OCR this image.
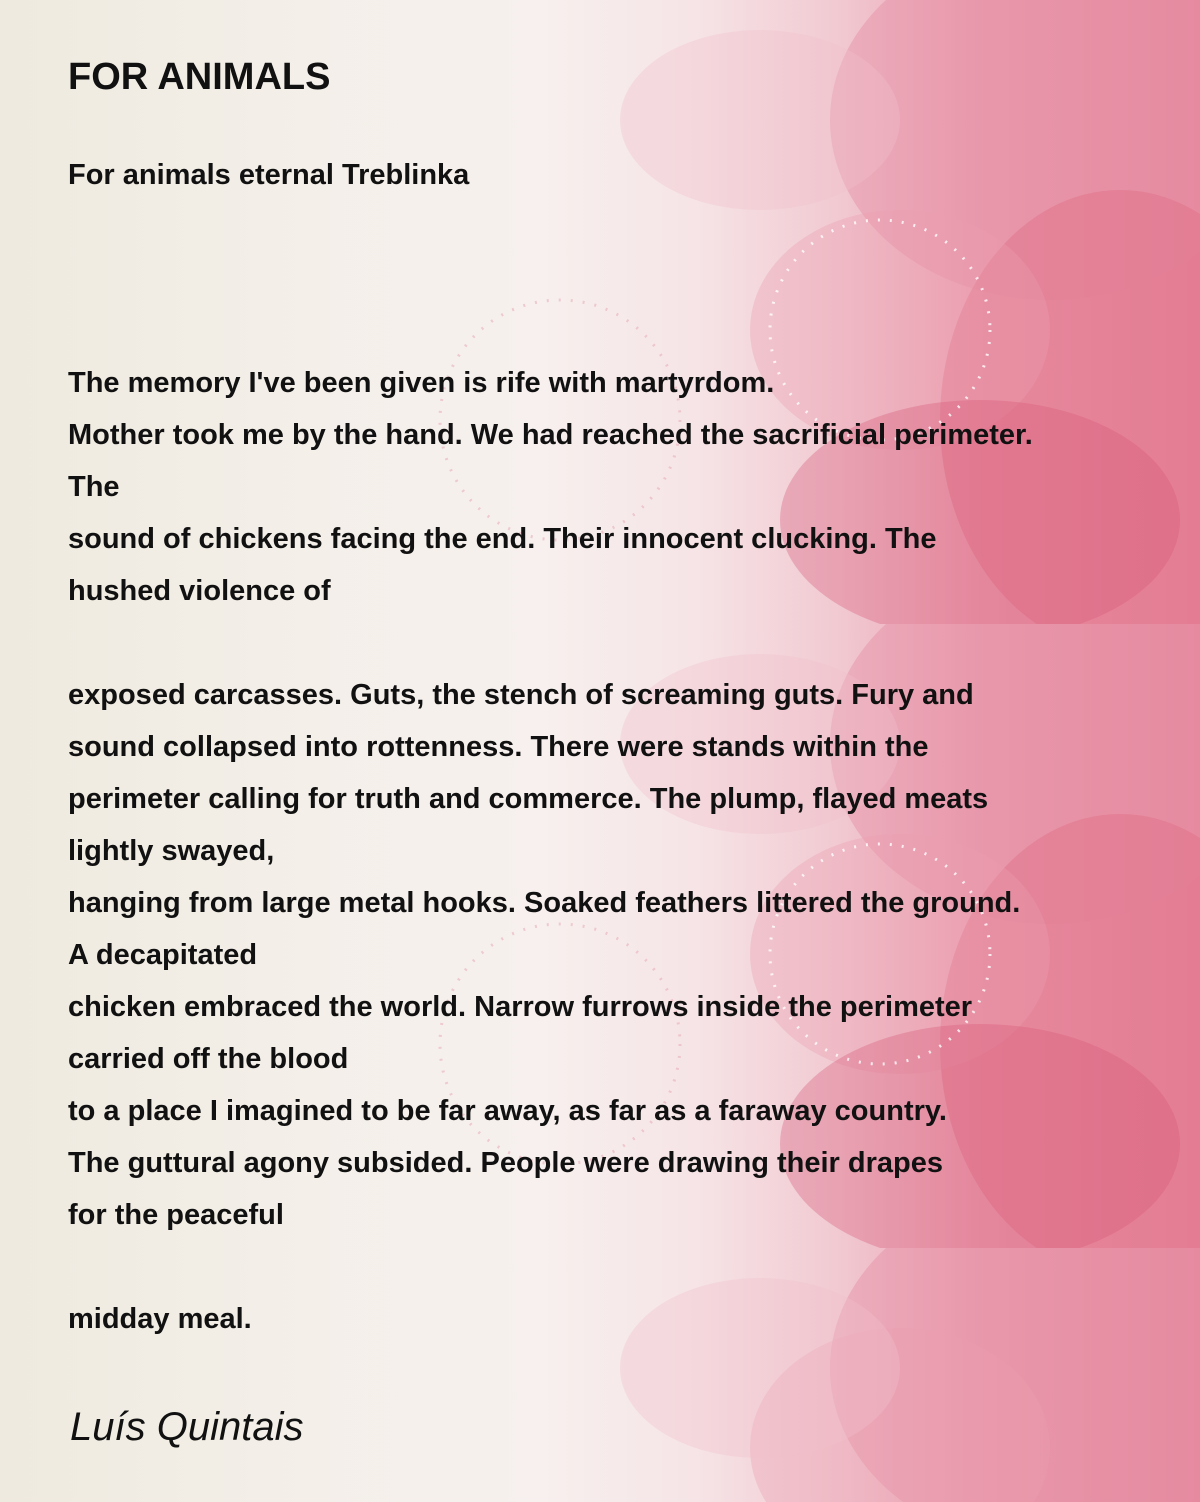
FOR ANIMALS
For animals eternal Treblinka
The memory I've been given is rife with martyrdom.
Mother took me by the hand. We had reached the sacrificial perimeter.
The
sound of chickens facing the end. Their innocent clucking. The
hushed violence of
exposed carcasses. Guts, the stench of screaming guts. Fury and
sound collapsed into rottenness. There were stands within the
perimeter calling for truth and commerce. The plump, flayed meats
lightly swayed,
hanging from large metal hooks. Soaked feathers littered the ground.
A decapitated
chicken embraced the world. Narrow furrows inside the perimeter
carried off the blood
to a place I imagined to be far away, as far as a faraway country.
The guttural agony subsided. People were drawing their drapes
for the peaceful
midday meal.
Luís Quintais
